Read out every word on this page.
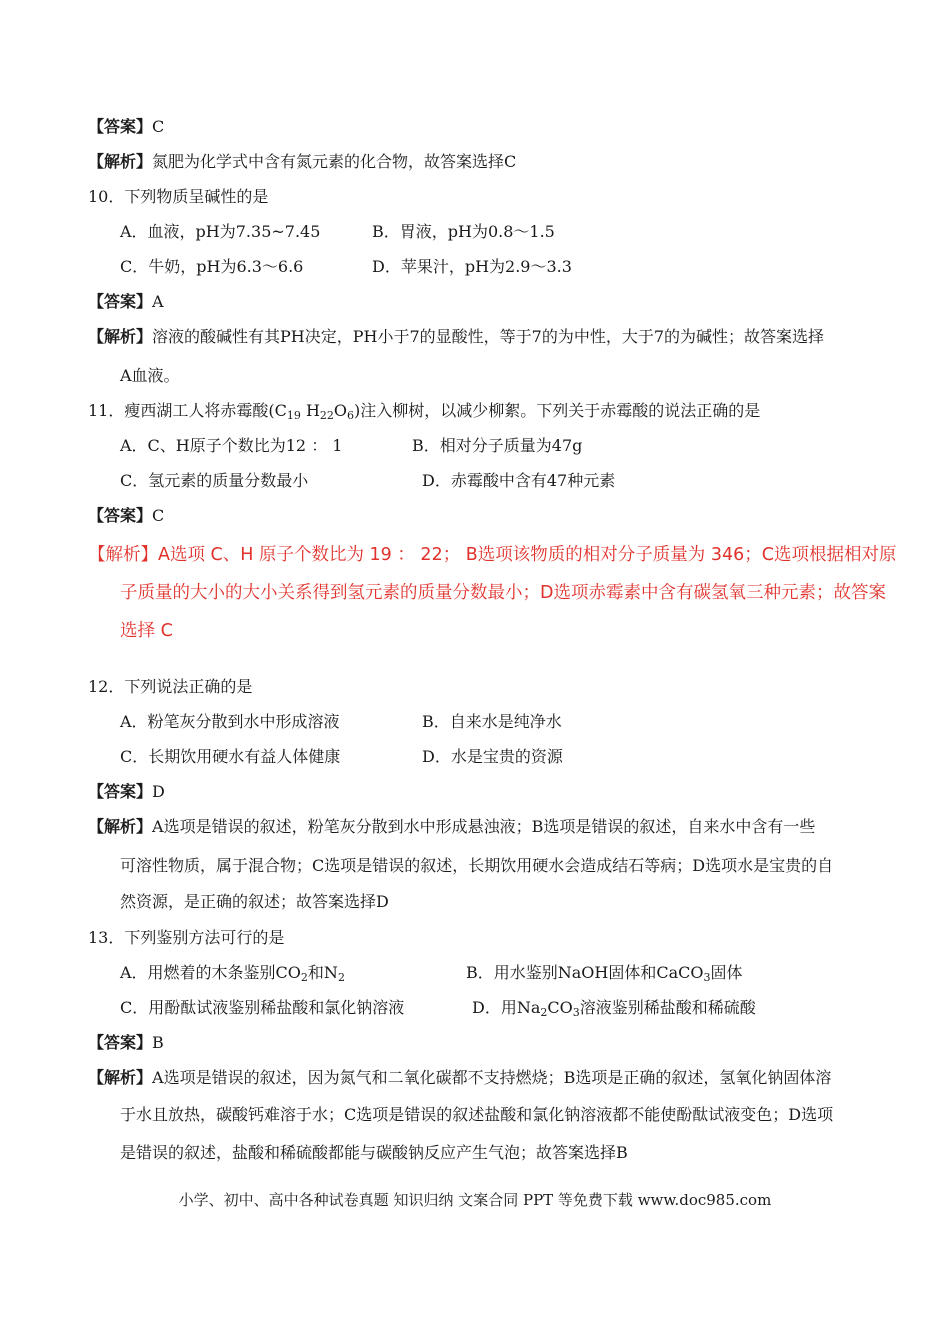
【答案】C
【解析】氮肥为化学式中含有氮元素的化合物，故答案选择C
10．下列物质呈碱性的是
A．血液，pH为7.35~7.45	B．胃液，pH为0.8～1.5
C．牛奶，pH为6.3～6.6	D．苹果汁，pH为2.9～3.3
【答案】A
【解析】溶液的酸碱性有其PH决定，PH小于7的显酸性，等于7的为中性，大于7的为碱性；故答案选择
A血液。
11．瘦西湖工人将赤霉酸($C_{19}$ $H_{22}O_6$)注入柳树，以减少柳絮。下列关于赤霉酸的说法正确的是
A．C、H原子个数比为12 ： 1	B．相对分子质量为47g
C．氢元素的质量分数最小	D．赤霉酸中含有47种元素
【答案】C
【解析】A选项 C、H 原子个数比为 19 ： 22； B选项该物质的相对分子质量为 346；C选项根据相对原
子质量的大小的大小关系得到氢元素的质量分数最小；D选项赤霉素中含有碳氢氧三种元素；故答案
选择 C
12．下列说法正确的是
A．粉笔灰分散到水中形成溶液	B．自来水是纯净水
C．长期饮用硬水有益人体健康	D．水是宝贵的资源
【答案】D
【解析】A选项是错误的叙述，粉笔灰分散到水中形成悬浊液；B选项是错误的叙述，自来水中含有一些
可溶性物质，属于混合物；C选项是错误的叙述，长期饮用硬水会造成结石等病；D选项水是宝贵的自
然资源，是正确的叙述；故答案选择D
13．下列鉴别方法可行的是
A．用燃着的木条鉴别$CO_2$和$N_2$	B．用水鉴别NaOH固体和CaCO$_3$固体
C．用酚酞试液鉴别稀盐酸和氯化钠溶液	D．用$Na_2CO_3$溶液鉴别稀盐酸和稀硫酸
【答案】B
【解析】A选项是错误的叙述，因为氮气和二氧化碳都不支持燃烧；B选项是正确的叙述，氢氧化钠固体溶
于水且放热，碳酸钙难溶于水；C选项是错误的叙述盐酸和氯化钠溶液都不能使酚酞试液变色；D选项
是错误的叙述，盐酸和稀硫酸都能与碳酸钠反应产生气泡；故答案选择B
小学、初中、高中各种试卷真题 知识归纳 文案合同 PPT 等免费下载 www.doc985.com
